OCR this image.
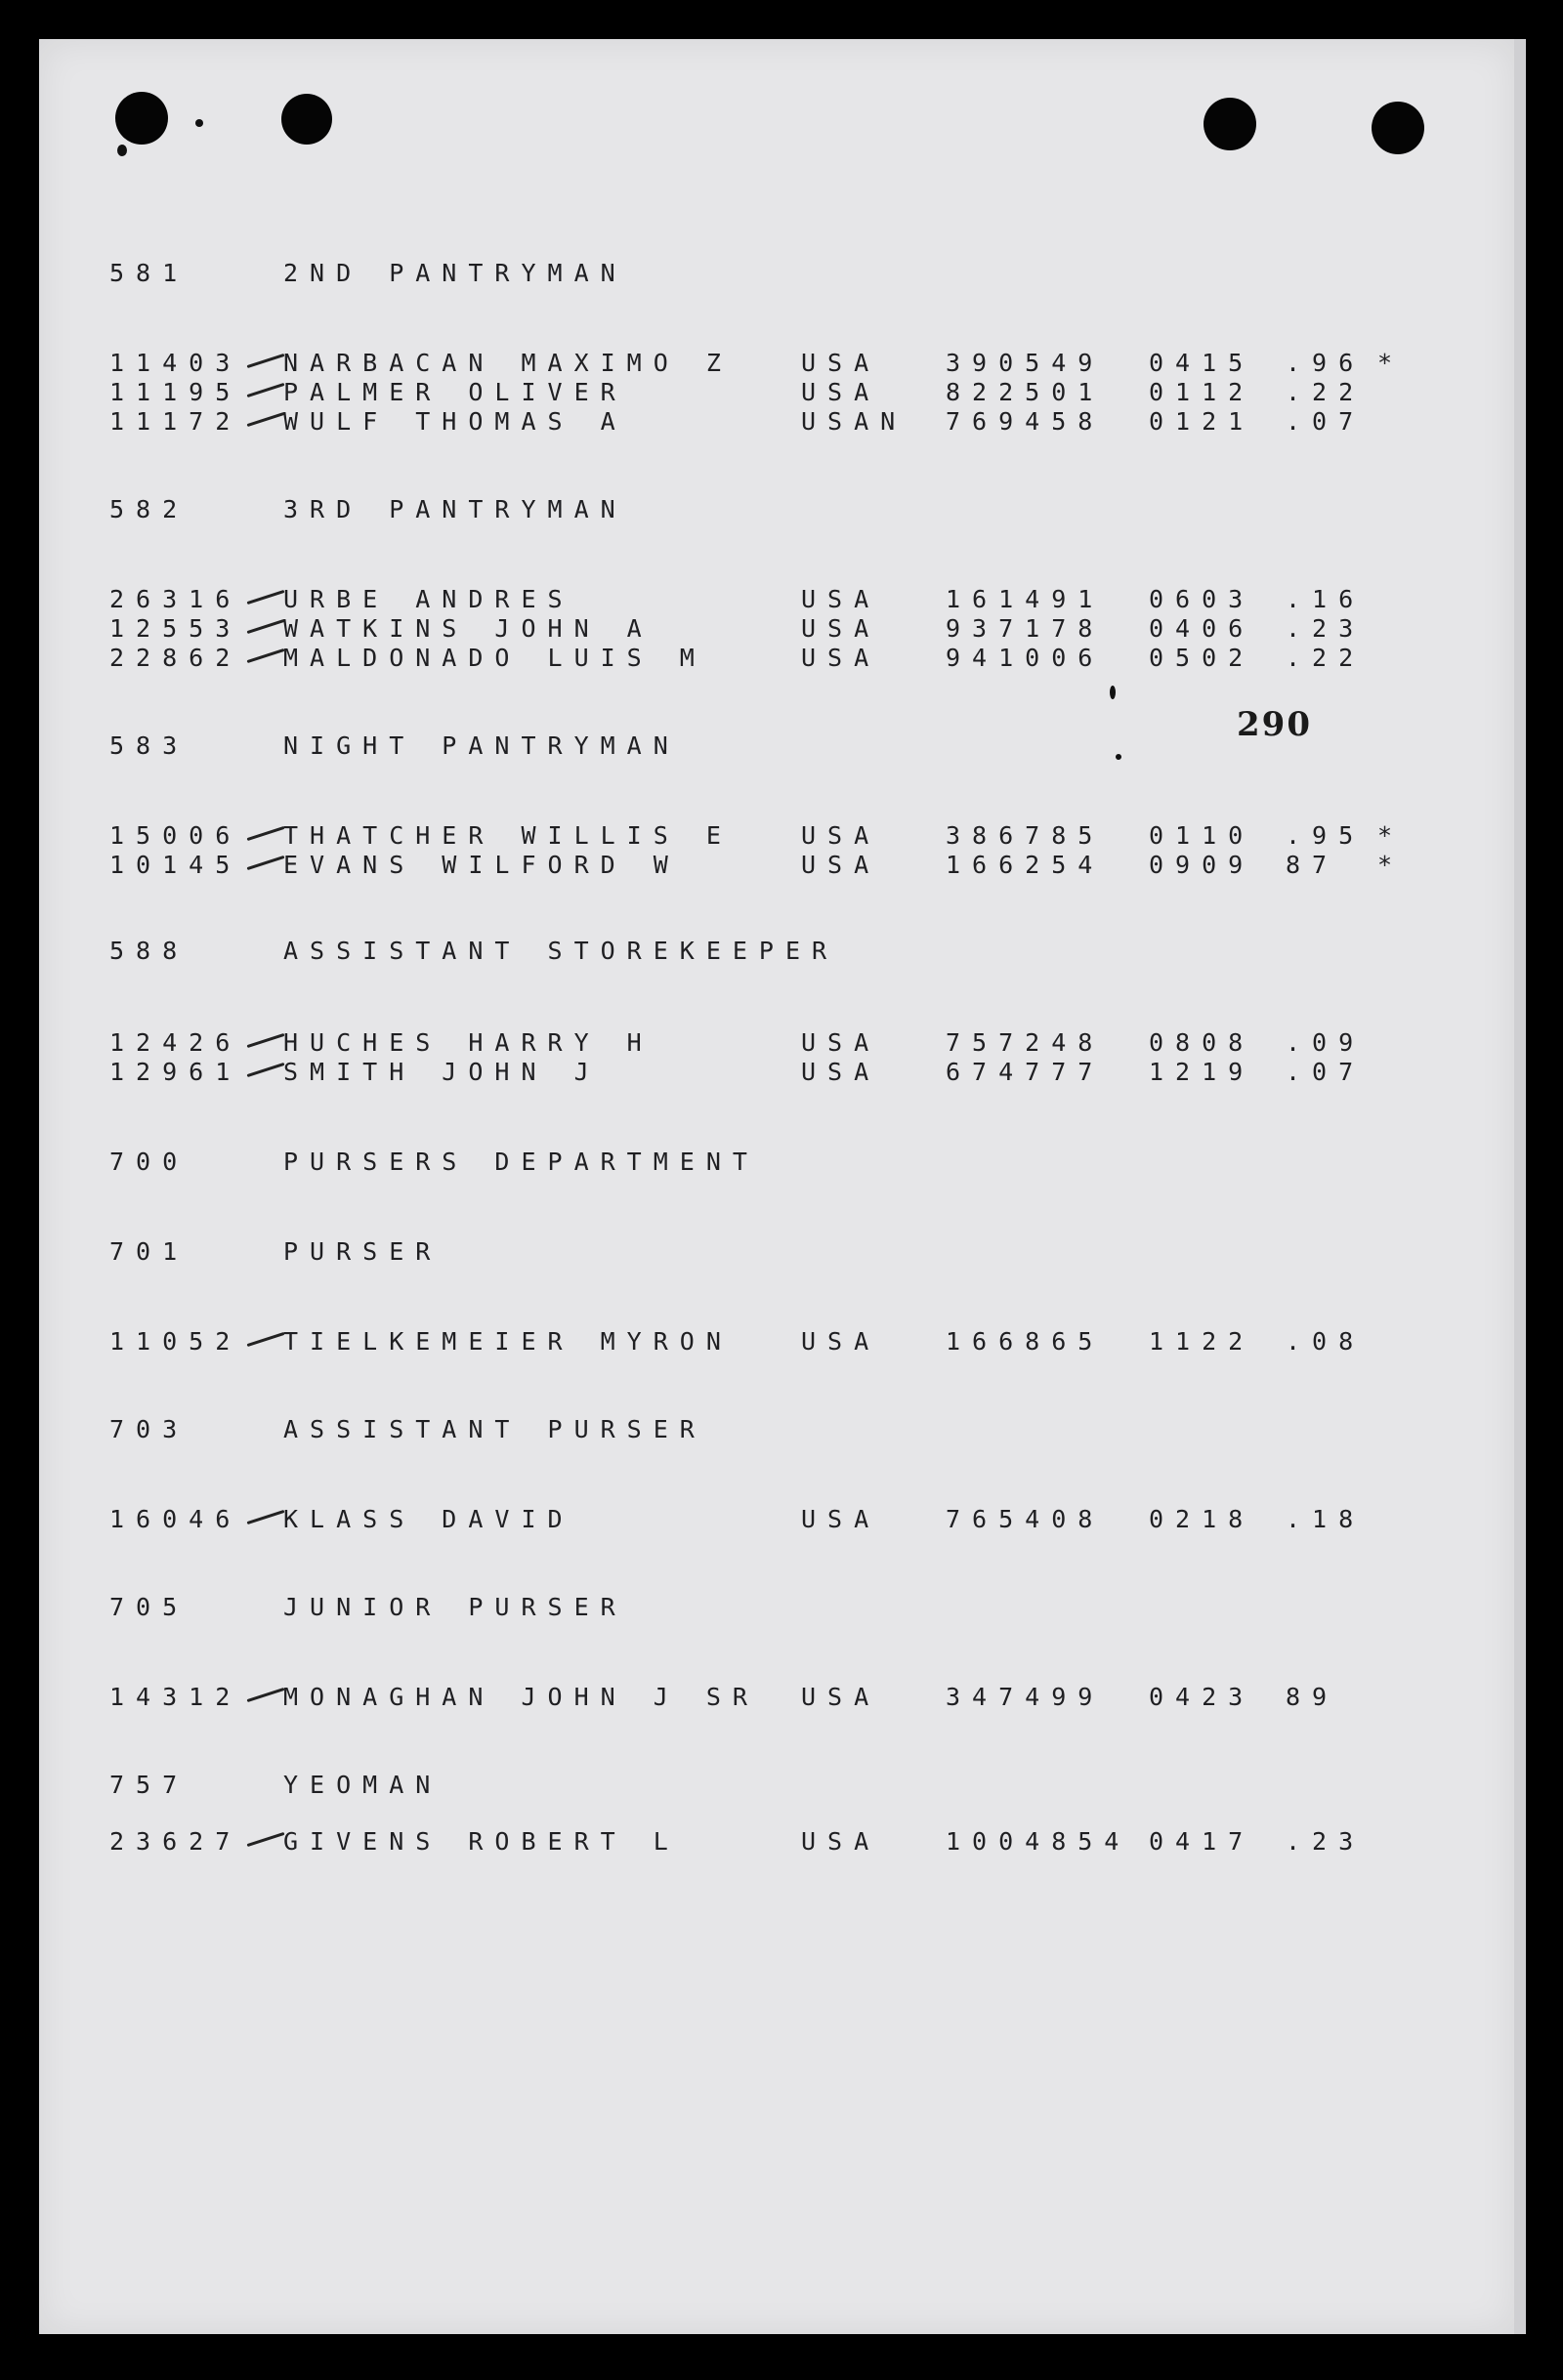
290
581	2ND PANTRYMAN
11403 NARBACAN MAXIMO Z	USA	390549 0415 .96 *
11195 PALMER OLIVER	USA	822501 0112 .22
11172 WULF THOMAS A	USAN 769458 0121 .07
582	3RD PANTRYMAN
26316 URBE ANDRES	USA	161491 0603 .16
12553 WATKINS JOHN A	USA	937178 0406 .23
22862 MALDONADO LUIS M	USA	941006 0502 .22
583	NIGHT PANTRYMAN
15006 THATCHER WILLIS E	USA	386785 0110 .95 *
10145 EVANS WILFORD W	USA	166254 0909 87 *
588	ASSISTANT STOREKEEPER
12426 HUCHES HARRY H	USA	757248 0808 .09
12961 SMITH JOHN J	USA	674777 1219 .07
700	PURSERS DEPARTMENT
701	PURSER
11052 TIELKEMEIER MYRON	USA	166865 1122 .08
703	ASSISTANT PURSER
16046 KLASS DAVID	USA	765408 0218 .18
705	JUNIOR PURSER
14312 MONAGHAN JOHN J SR USA	347499 0423 89
757	YEOMAN
23627 GIVENS ROBERT L	USA	1004854 0417 .23
